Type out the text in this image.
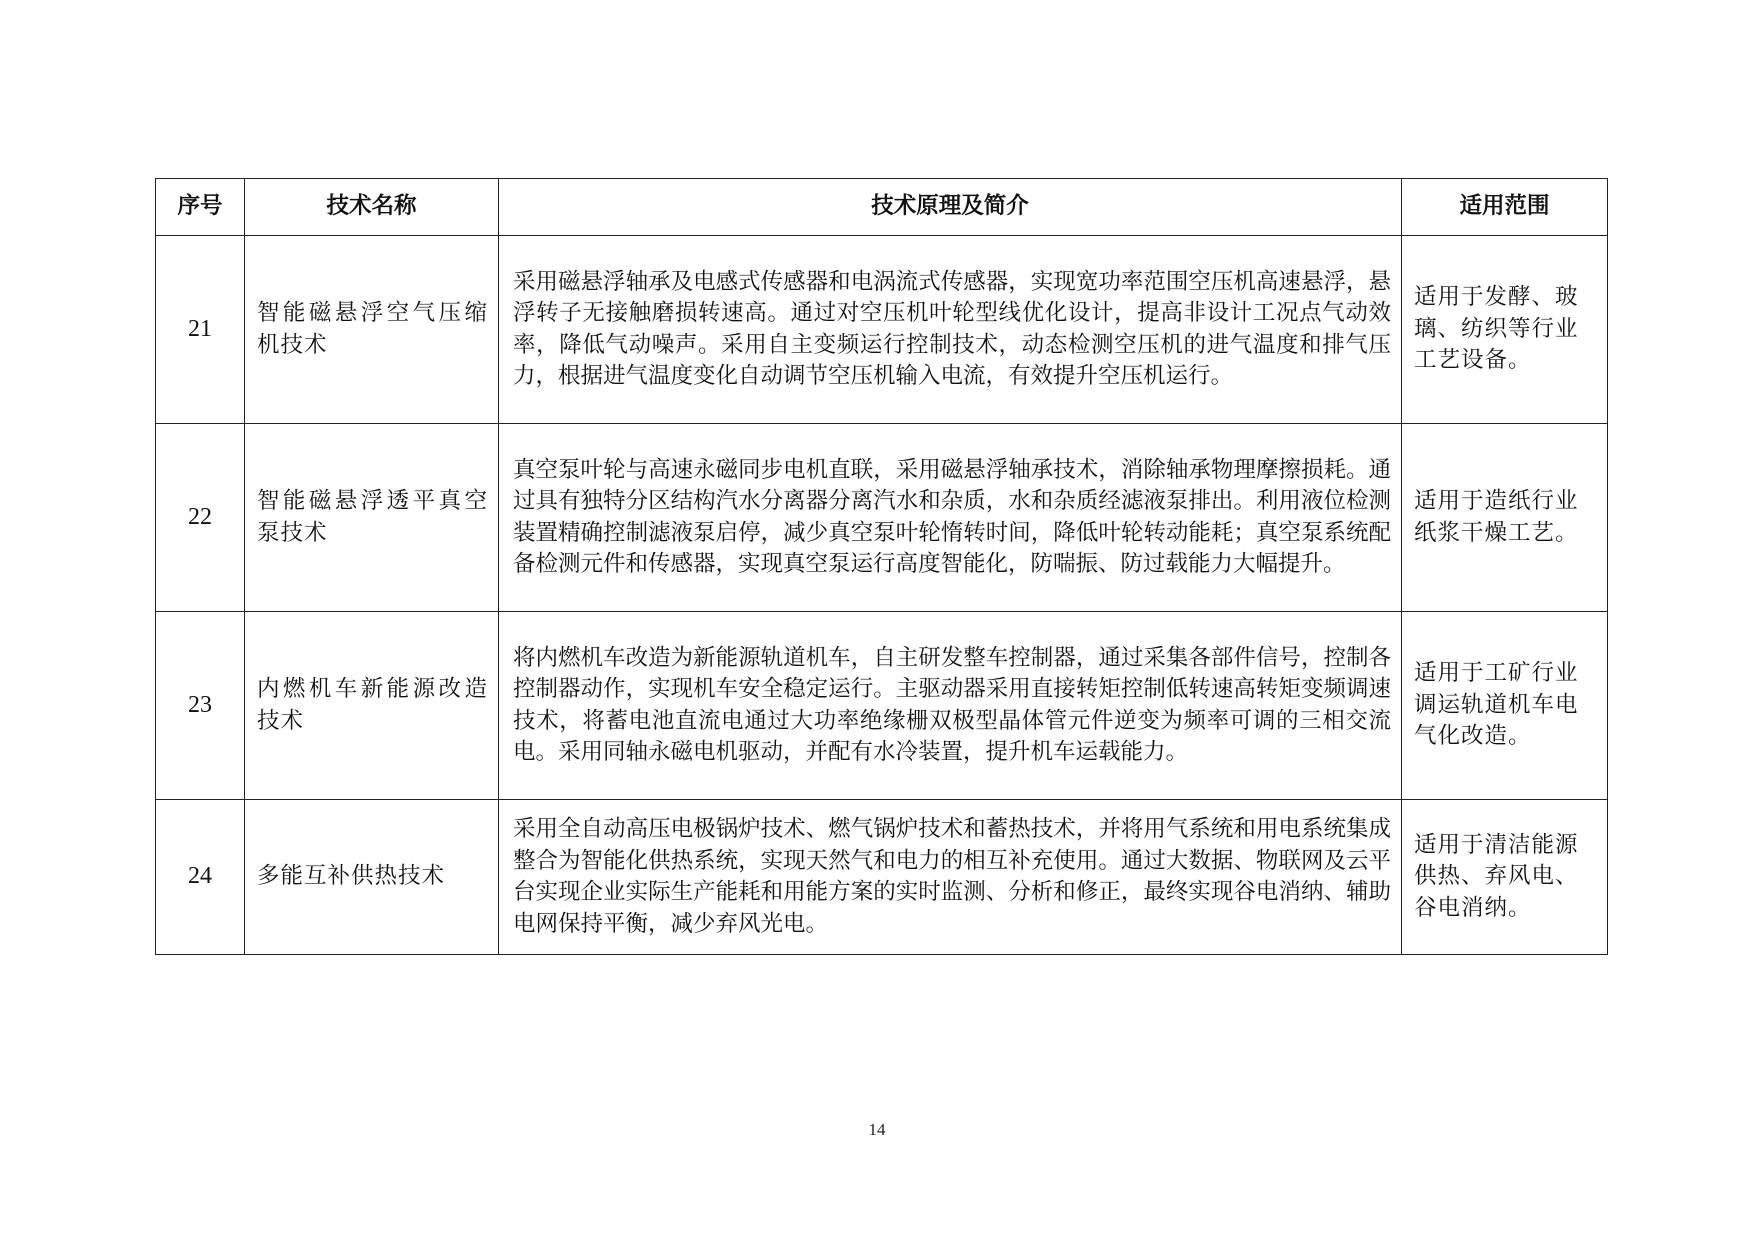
序号	技术名称	技术原理及简介	适用范围
21	智能磁悬浮空气压缩机技术	采用磁悬浮轴承及电感式传感器和电涡流式传感器，实现宽功率范围空压机高速悬浮，悬浮转子无接触磨损转速高。通过对空压机叶轮型线优化设计，提高非设计工况点气动效率，降低气动噪声。采用自主变频运行控制技术，动态检测空压机的进气温度和排气压力，根据进气温度变化自动调节空压机输入电流，有效提升空压机运行。	适用于发酵、玻璃、纺织等行业工艺设备。
22	智能磁悬浮透平真空泵技术	真空泵叶轮与高速永磁同步电机直联，采用磁悬浮轴承技术，消除轴承物理摩擦损耗。通过具有独特分区结构汽水分离器分离汽水和杂质，水和杂质经滤液泵排出。利用液位检测装置精确控制滤液泵启停，减少真空泵叶轮惰转时间，降低叶轮转动能耗；真空泵系统配备检测元件和传感器，实现真空泵运行高度智能化，防喘振、防过载能力大幅提升。	适用于造纸行业纸浆干燥工艺。
23	内燃机车新能源改造技术	将内燃机车改造为新能源轨道机车，自主研发整车控制器，通过采集各部件信号，控制各控制器动作，实现机车安全稳定运行。主驱动器采用直接转矩控制低转速高转矩变频调速技术，将蓄电池直流电通过大功率绝缘栅双极型晶体管元件逆变为频率可调的三相交流电。采用同轴永磁电机驱动，并配有水冷装置，提升机车运载能力。	适用于工矿行业调运轨道机车电气化改造。
24	多能互补供热技术	采用全自动高压电极锅炉技术、燃气锅炉技术和蓄热技术，并将用气系统和用电系统集成整合为智能化供热系统，实现天然气和电力的相互补充使用。通过大数据、物联网及云平台实现企业实际生产能耗和用能方案的实时监测、分析和修正，最终实现谷电消纳、辅助电网保持平衡，减少弃风光电。	适用于清洁能源供热、弃风电、谷电消纳。
14
